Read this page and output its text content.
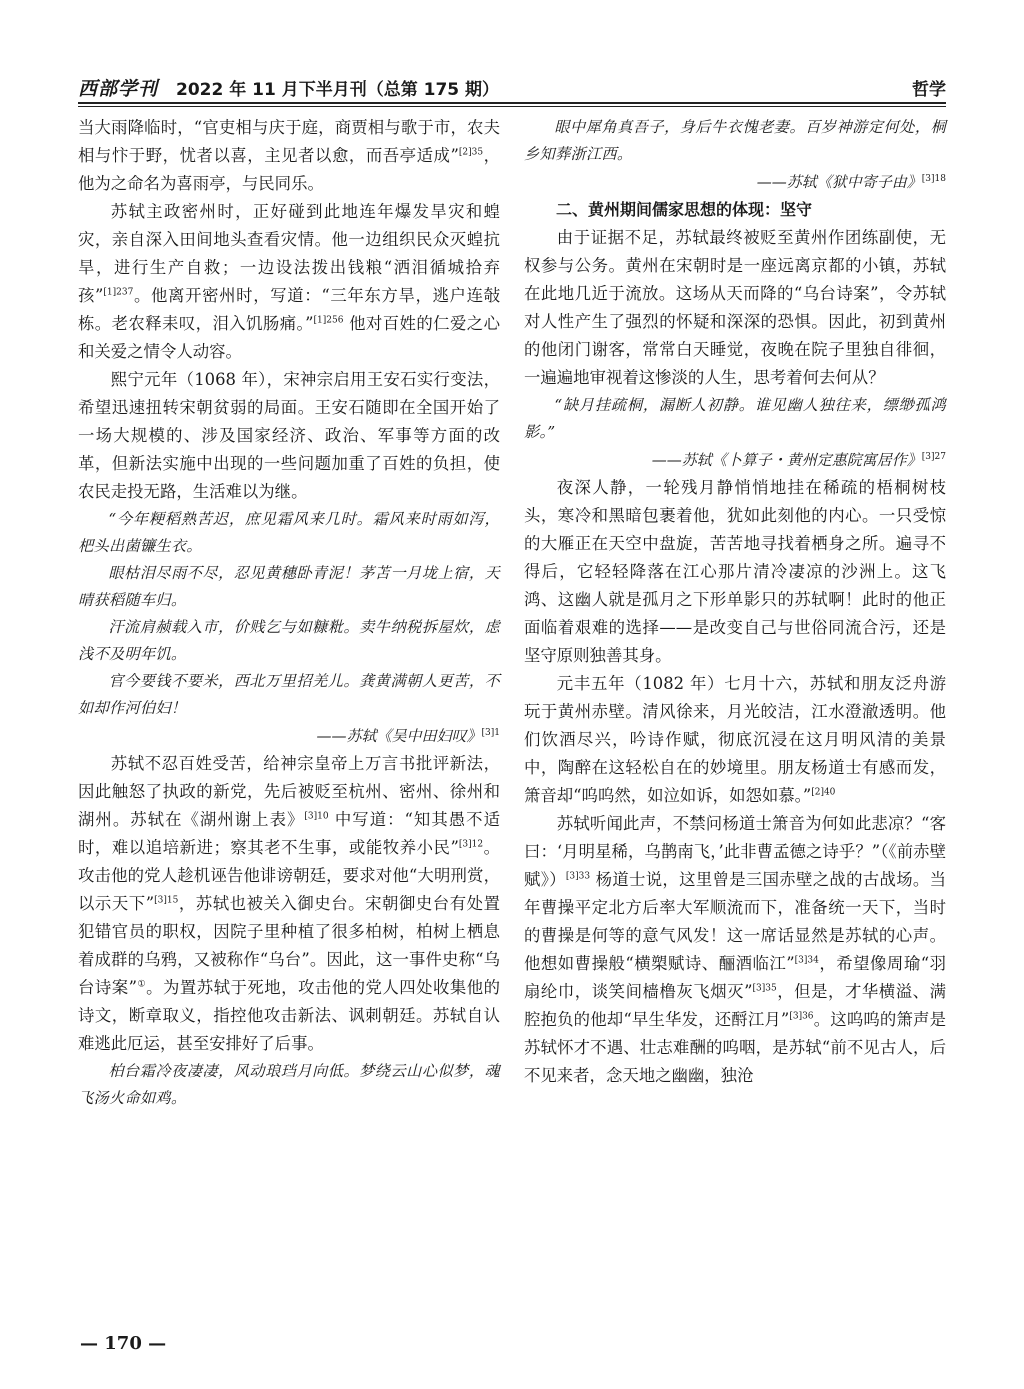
西部学刊 2022 年 11 月下半月刊（总第 175 期）	哲学

当大雨降临时，“官吏相与庆于庭，商贾相与歌于市，农夫相与忭于野，忧者以喜，主见者以愈，而吾亭适成”$^{[2]35}$，他为之命名为喜雨亭，与民同乐。

苏轼主政密州时，正好碰到此地连年爆发旱灾和蝗灾，亲自深入田间地头查看灾情。他一边组织民众灭蝗抗旱，进行生产自救；一边设法拨出钱粮“洒泪循城拾弃孩”$^{[1]237}$。他离开密州时，写道：“三年东方旱，逃户连敧栋。老农释耒叹，泪入饥肠痛。”$^{[1]256}$ 他对百姓的仁爱之心和关爱之情令人动容。

熙宁元年（1068 年），宋神宗启用王安石实行变法，希望迅速扭转宋朝贫弱的局面。王安石随即在全国开始了一场大规模的、涉及国家经济、政治、军事等方面的改革，但新法实施中出现的一些问题加重了百姓的负担，使农民走投无路，生活难以为继。

“今年粳稻熟苦迟，庶见霜风来几时。霜风来时雨如泻，杷头出菌镰生衣。

眼枯泪尽雨不尽，忍见黄穗卧青泥！茅苫一月垅上宿，天晴获稻随车归。

汗流肩赪载入市，价贱乞与如糠粃。卖牛纳税拆屋炊，虑浅不及明年饥。

官今要钱不要米，西北万里招羌儿。龚黄满朝人更苦，不如却作河伯妇！

——苏轼《吴中田妇叹》$^{[3]1}$

苏轼不忍百姓受苦，给神宗皇帝上万言书批评新法，因此触怒了执政的新党，先后被贬至杭州、密州、徐州和湖州。苏轼在《湖州谢上表》$^{[3]10}$ 中写道：“知其愚不适时，难以追培新进；察其老不生事，或能牧养小民”$^{[3]12}$。攻击他的党人趁机诬告他诽谤朝廷，要求对他“大明刑赏，以示天下”$^{[3]15}$，苏轼也被关入御史台。宋朝御史台有处置犯错官员的职权，因院子里种植了很多柏树，柏树上栖息着成群的乌鸦，又被称作“乌台”。因此，这一事件史称“乌台诗案”①。为置苏轼于死地，攻击他的党人四处收集他的诗文，断章取义，指控他攻击新法、讽刺朝廷。苏轼自认难逃此厄运，甚至安排好了后事。

柏台霜冷夜凄凄，风动琅珰月向低。梦绕云山心似梦，魂飞汤火命如鸡。

眼中犀角真吾子，身后牛衣愧老妻。百岁神游定何处，桐乡知葬浙江西。

——苏轼《狱中寄子由》$^{[3]18}$

二、黄州期间儒家思想的体现：坚守

由于证据不足，苏轼最终被贬至黄州作团练副使，无权参与公务。黄州在宋朝时是一座远离京都的小镇，苏轼在此地几近于流放。这场从天而降的“乌台诗案”，令苏轼对人性产生了强烈的怀疑和深深的恐惧。因此，初到黄州的他闭门谢客，常常白天睡觉，夜晚在院子里独自徘徊，一遍遍地审视着这惨淡的人生，思考着何去何从？

“缺月挂疏桐，漏断人初静。谁见幽人独往来，缥缈孤鸿影。”

——苏轼《卜算子・黄州定惠院寓居作》$^{[3]27}$

夜深人静，一轮残月静悄悄地挂在稀疏的梧桐树枝头，寒冷和黑暗包裹着他，犹如此刻他的内心。一只受惊的大雁正在天空中盘旋，苦苦地寻找着栖身之所。遍寻不得后，它轻轻降落在江心那片清冷凄凉的沙洲上。这飞鸿、这幽人就是孤月之下形单影只的苏轼啊！此时的他正面临着艰难的选择——是改变自己与世俗同流合污，还是坚守原则独善其身。

元丰五年（1082 年）七月十六，苏轼和朋友泛舟游玩于黄州赤壁。清风徐来，月光皎洁，江水澄澈透明。他们饮酒尽兴，吟诗作赋，彻底沉浸在这月明风清的美景中，陶醉在这轻松自在的妙境里。朋友杨道士有感而发，箫音却“呜呜然，如泣如诉，如怨如慕。”$^{[2]40}$

苏轼听闻此声，不禁问杨道士箫音为何如此悲凉？“客曰：‘月明星稀，乌鹊南飞，’此非曹孟德之诗乎？”（《前赤壁赋》）$^{[3]33}$ 杨道士说，这里曾是三国赤壁之战的古战场。当年曹操平定北方后率大军顺流而下，准备统一天下，当时的曹操是何等的意气风发！这一席话显然是苏轼的心声。他想如曹操般“横槊赋诗、酾酒临江”$^{[3]34}$，希望像周瑜“羽扇纶巾，谈笑间樯橹灰飞烟灭”$^{[3]35}$，但是，才华横溢、满腔抱负的他却“早生华发，还酹江月”$^{[3]36}$。这呜呜的箫声是苏轼怀才不遇、壮志难酬的呜咽，是苏轼“前不见古人，后不见来者，念天地之幽幽，独沧

— 170 —
